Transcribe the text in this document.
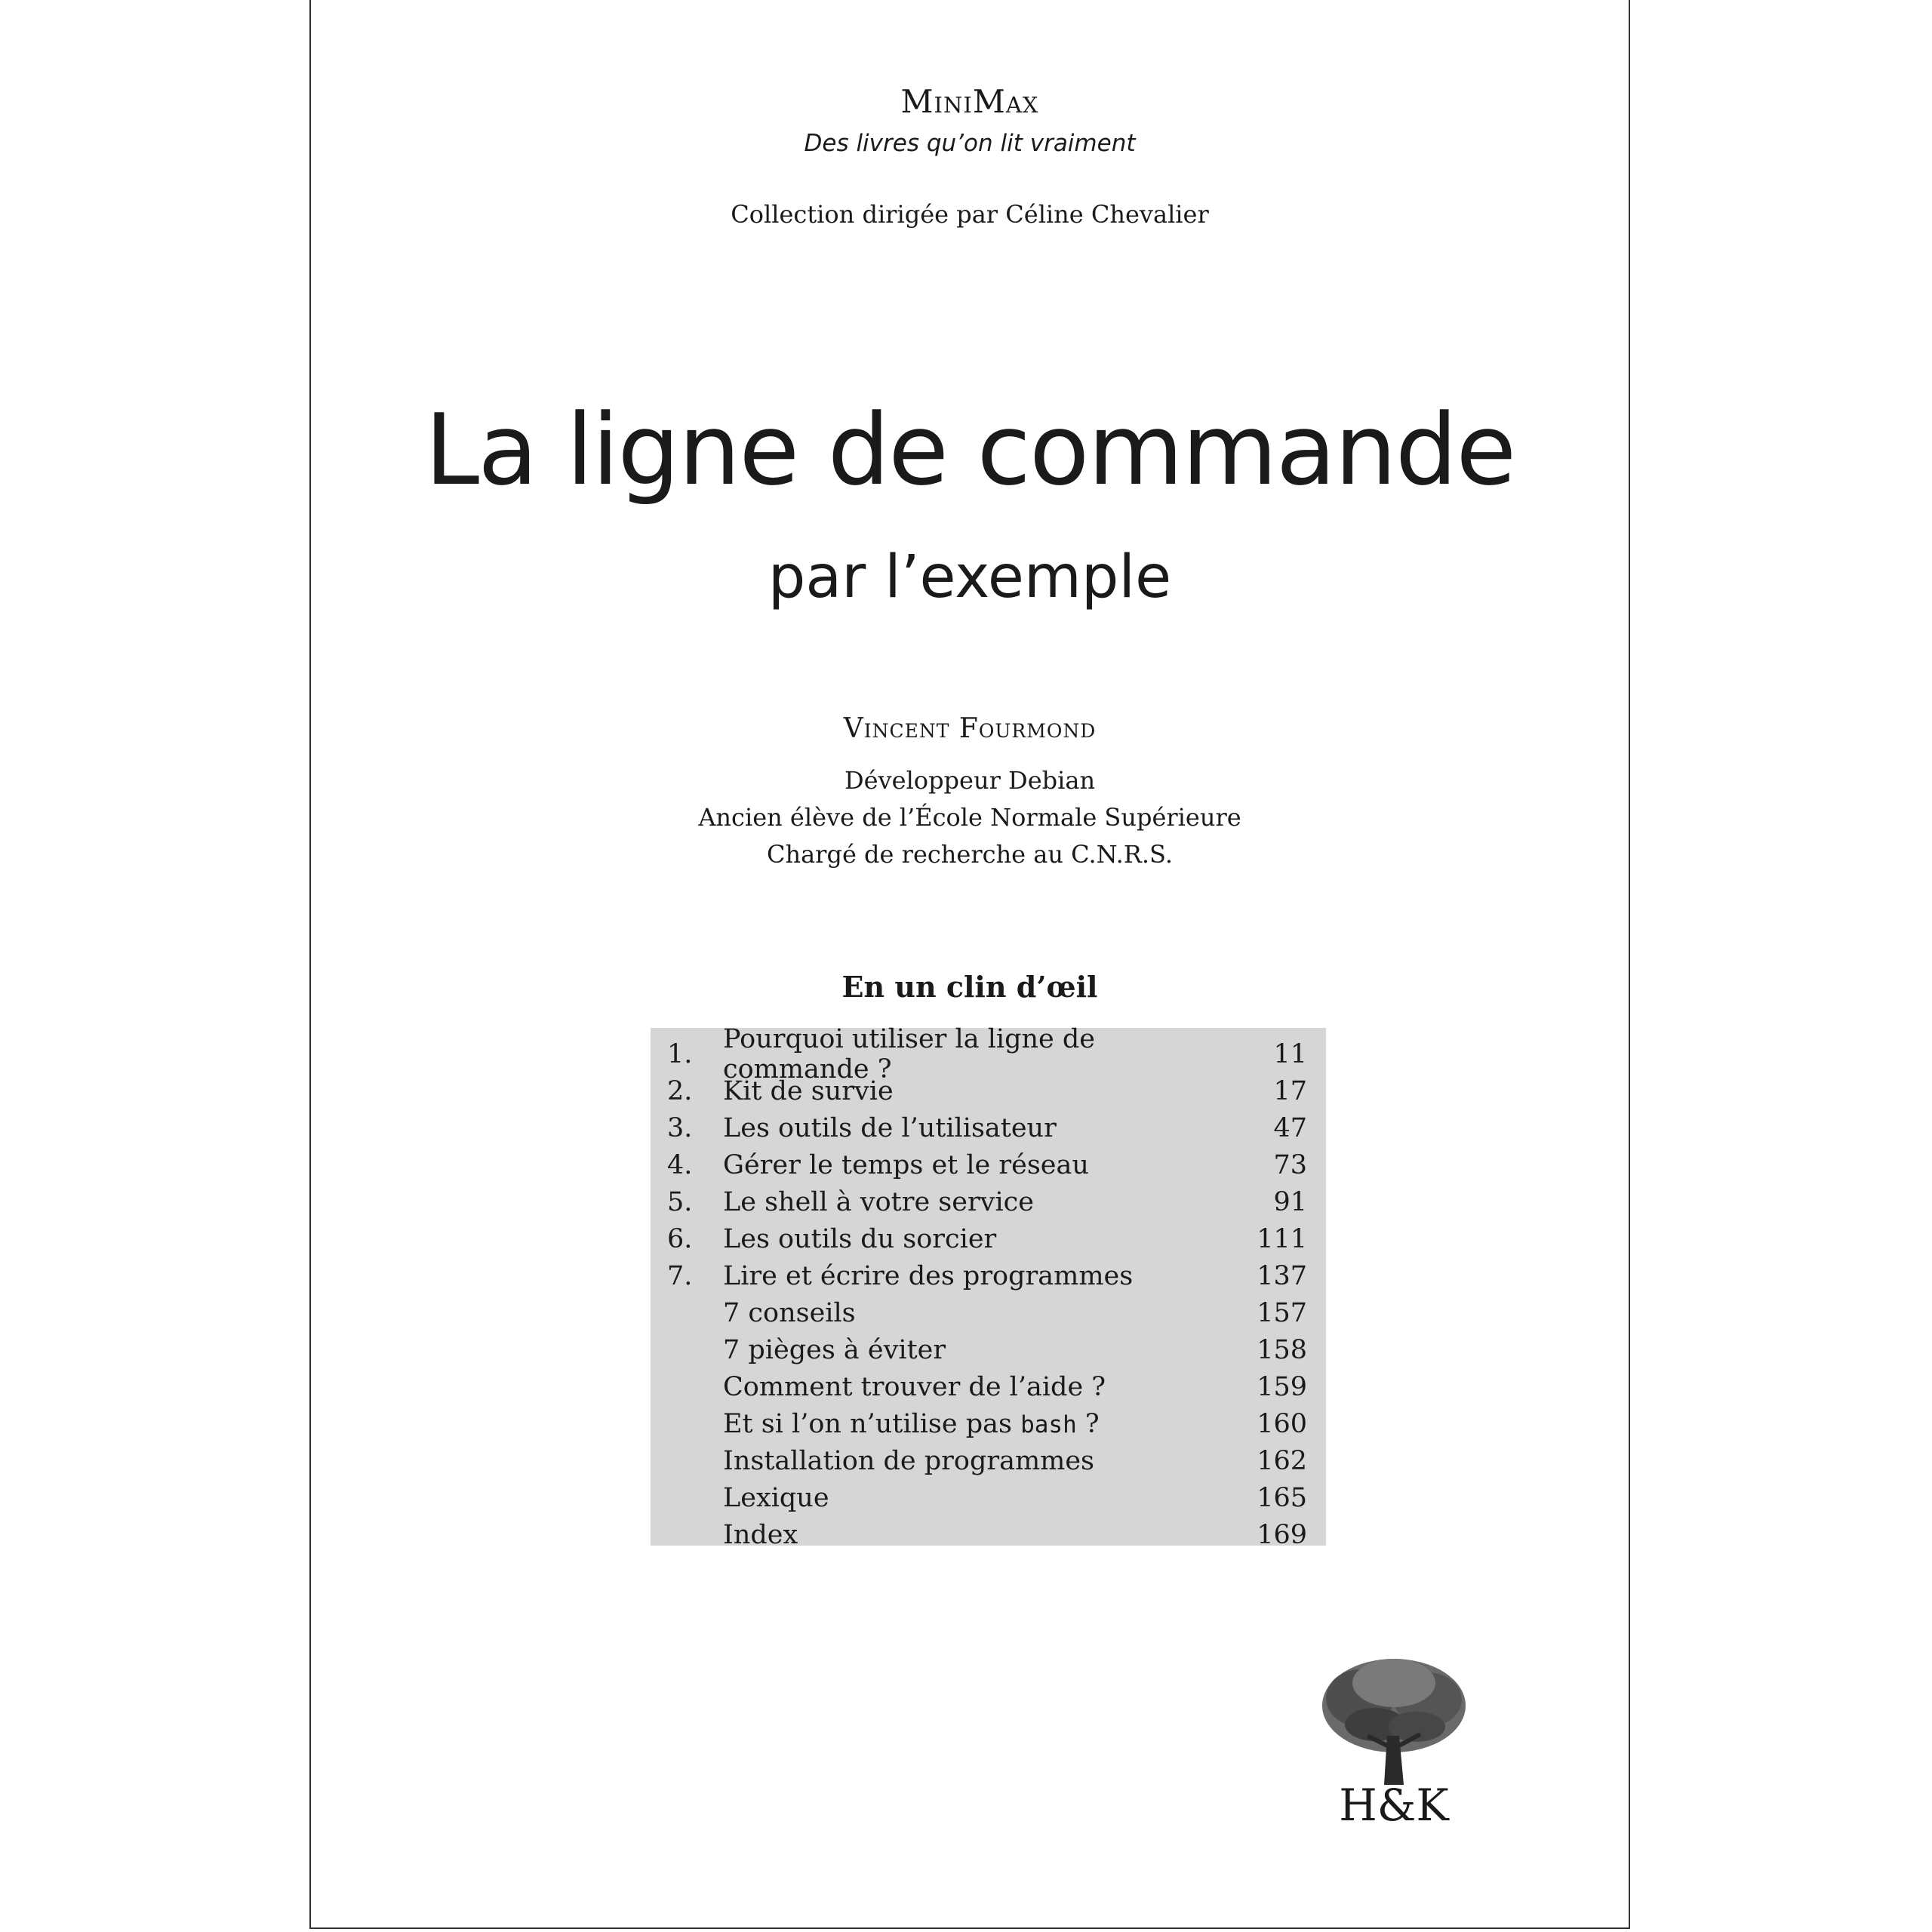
MiniMax
Des livres qu’on lit vraiment
Collection dirigée par Céline Chevalier
La ligne de commande
par l’exemple
Vincent Fourmond
Développeur Debian
Ancien élève de l’École Normale Supérieure
Chargé de recherche au C.N.R.S.
En un clin d’œil
1.	Pourquoi utiliser la ligne de commande ?	11
2.	Kit de survie	17
3.	Les outils de l’utilisateur	47
4.	Gérer le temps et le réseau	73
5.	Le shell à votre service	91
6.	Les outils du sorcier	111
7.	Lire et écrire des programmes	137
7 conseils	157
7 pièges à éviter	158
Comment trouver de l’aide ?	159
Et si l’on n’utilise pas bash ?	160
Installation de programmes	162
Lexique	165
Index	169
H&K
